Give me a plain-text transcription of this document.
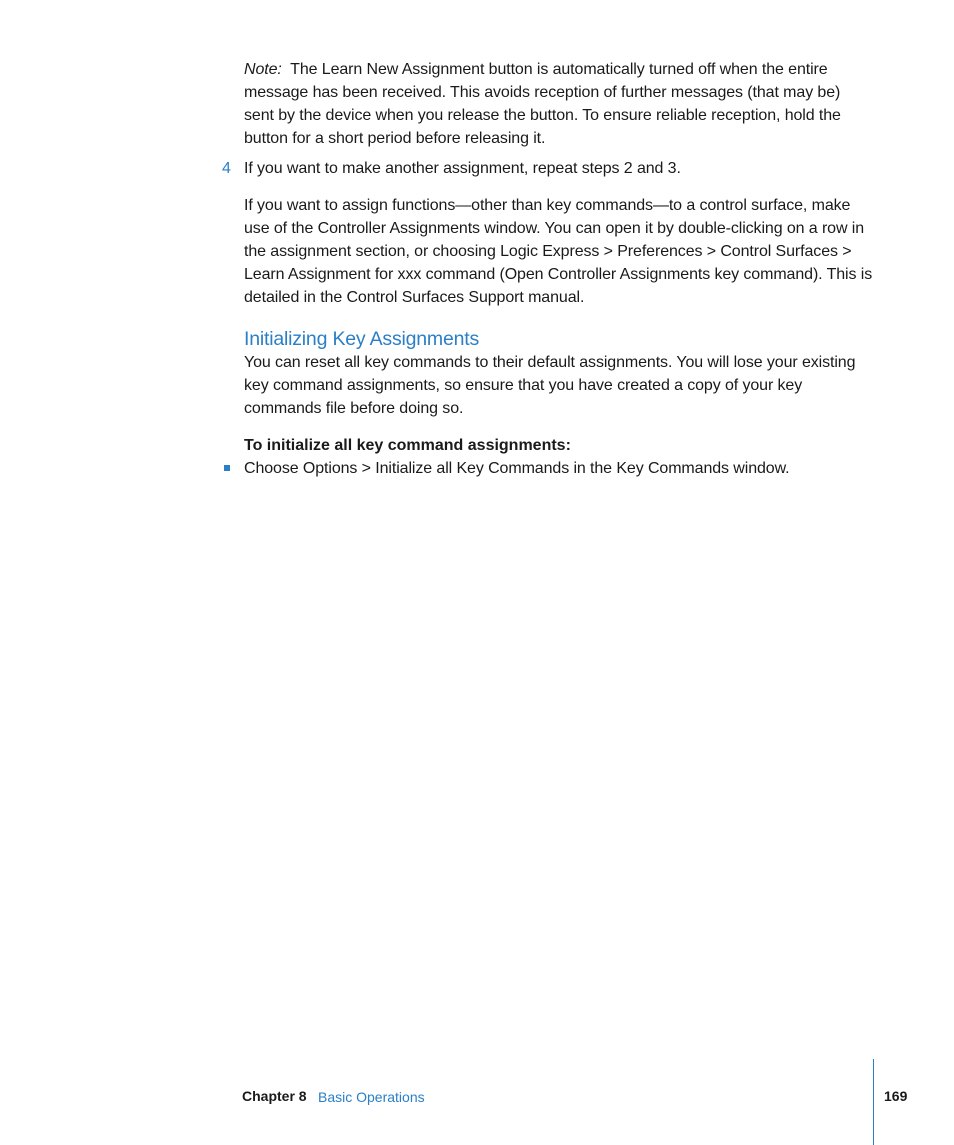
Note: The Learn New Assignment button is automatically turned off when the entire message has been received. This avoids reception of further messages (that may be) sent by the device when you release the button. To ensure reliable reception, hold the button for a short period before releasing it.

4 If you want to make another assignment, repeat steps 2 and 3.

If you want to assign functions—other than key commands—to a control surface, make use of the Controller Assignments window. You can open it by double-clicking on a row in the assignment section, or choosing Logic Express > Preferences > Control Surfaces > Learn Assignment for xxx command (Open Controller Assignments key command). This is detailed in the Control Surfaces Support manual.

Initializing Key Assignments

You can reset all key commands to their default assignments. You will lose your existing key command assignments, so ensure that you have created a copy of your key commands file before doing so.

To initialize all key command assignments:

Choose Options > Initialize all Key Commands in the Key Commands window.

Chapter 8 Basic Operations	169
